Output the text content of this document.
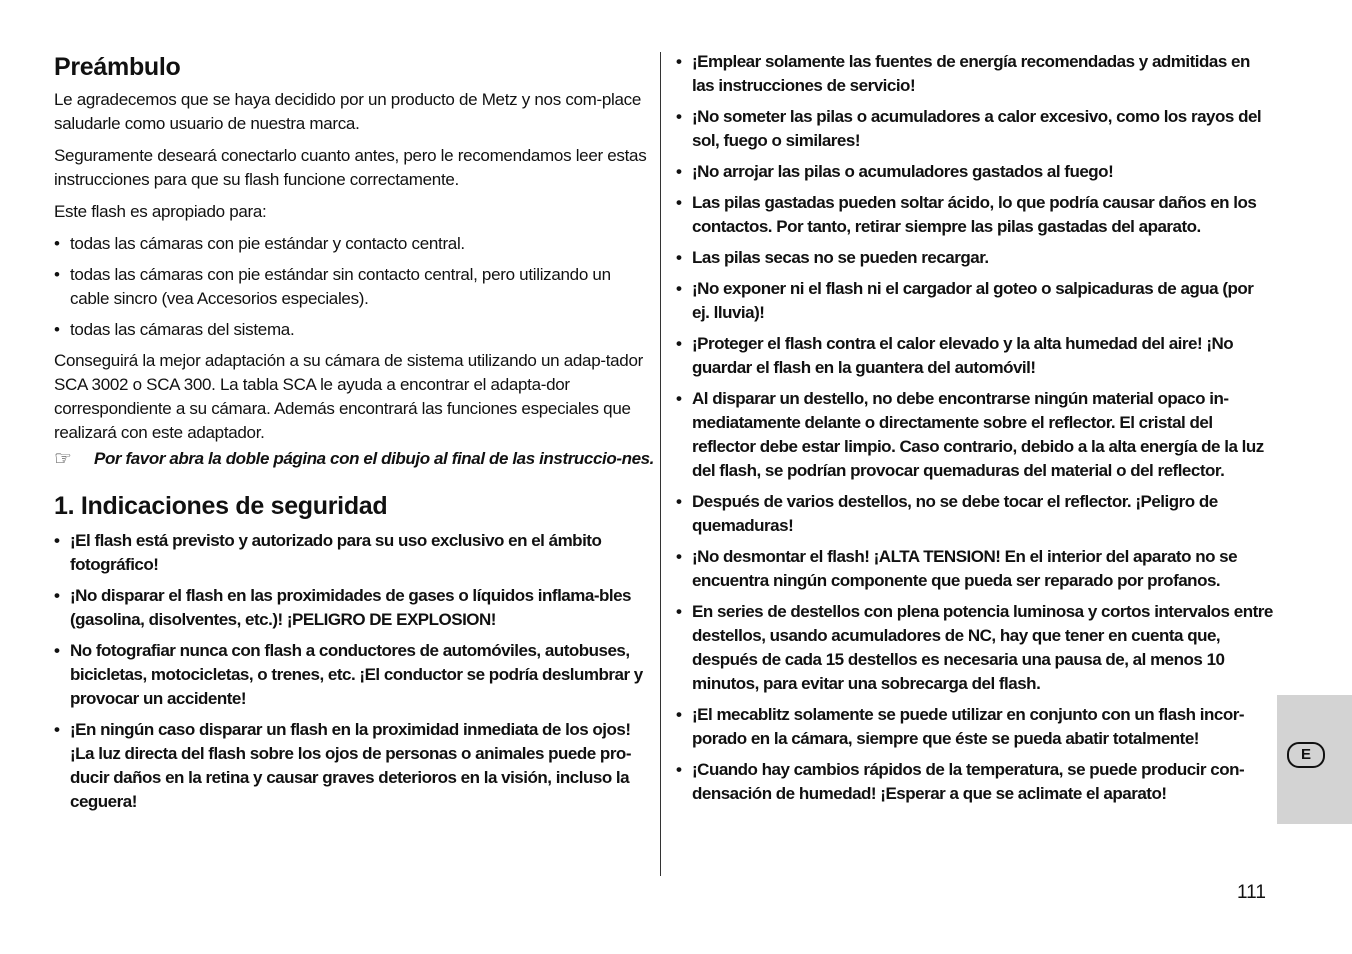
Preámbulo

Le agradecemos que se haya decidido por un producto de Metz y nos com-place saludarle como usuario de nuestra marca.

Seguramente deseará conectarlo cuanto antes, pero le recomendamos leer estas instrucciones para que su flash funcione correctamente.

Este flash es apropiado para:

• todas las cámaras con pie estándar y contacto central.
• todas las cámaras con pie estándar sin contacto central, pero utilizando un cable sincro (vea Accesorios especiales).
• todas las cámaras del sistema.

Conseguirá la mejor adaptación a su cámara de sistema utilizando un adap-tador SCA 3002 o SCA 300. La tabla SCA le ayuda a encontrar el adapta-dor correspondiente a su cámara. Además encontrará las funciones especiales que realizará con este adaptador.

☞ Por favor abra la doble página con el dibujo al final de las instruccio-nes.
1. Indicaciones de seguridad
• ¡El flash está previsto y autorizado para su uso exclusivo en el ámbito fotográfico!
• ¡No disparar el flash en las proximidades de gases o líquidos inflama-bles (gasolina, disolventes, etc.)! ¡PELIGRO DE EXPLOSION!
• No fotografiar nunca con flash a conductores de automóviles, autobuses, bicicletas, motocicletas, o trenes, etc. ¡El conductor se podría deslumbrar y provocar un accidente!
• ¡En ningún caso disparar un flash en la proximidad inmediata de los ojos! ¡La luz directa del flash sobre los ojos de personas o animales puede pro-ducir daños en la retina y causar graves deterioros en la visión, incluso la ceguera!
• ¡Emplear solamente las fuentes de energía recomendadas y admitidas en las instrucciones de servicio!
• ¡No someter las pilas o acumuladores a calor excesivo, como los rayos del sol, fuego o similares!
• ¡No arrojar las pilas o acumuladores gastados al fuego!
• Las pilas gastadas pueden soltar ácido, lo que podría causar daños en los contactos. Por tanto, retirar siempre las pilas gastadas del aparato.
• Las pilas secas no se pueden recargar.
• ¡No exponer ni el flash ni el cargador al goteo o salpicaduras de agua (por ej. lluvia)!
• ¡Proteger el flash contra el calor elevado y la alta humedad del aire! ¡No guardar el flash en la guantera del automóvil!
• Al disparar un destello, no debe encontrarse ningún material opaco in-mediatamente delante o directamente sobre el reflector. El cristal del reflector debe estar limpio. Caso contrario, debido a la alta energía de la luz del flash, se podrían provocar quemaduras del material o del reflector.
• Después de varios destellos, no se debe tocar el reflector. ¡Peligro de quemaduras!
• ¡No desmontar el flash! ¡ALTA TENSION! En el interior del aparato no se encuentra ningún componente que pueda ser reparado por profanos.
• En series de destellos con plena potencia luminosa y cortos intervalos entre destellos, usando acumuladores de NC, hay que tener en cuenta que, después de cada 15 destellos es necesaria una pausa de, al menos 10 minutos, para evitar una sobrecarga del flash.
• ¡El mecablitz solamente se puede utilizar en conjunto con un flash incor-porado en la cámara, siempre que éste se pueda abatir totalmente!
• ¡Cuando hay cambios rápidos de la temperatura, se puede producir con-densación de humedad! ¡Esperar a que se aclimate el aparato!
E
111
